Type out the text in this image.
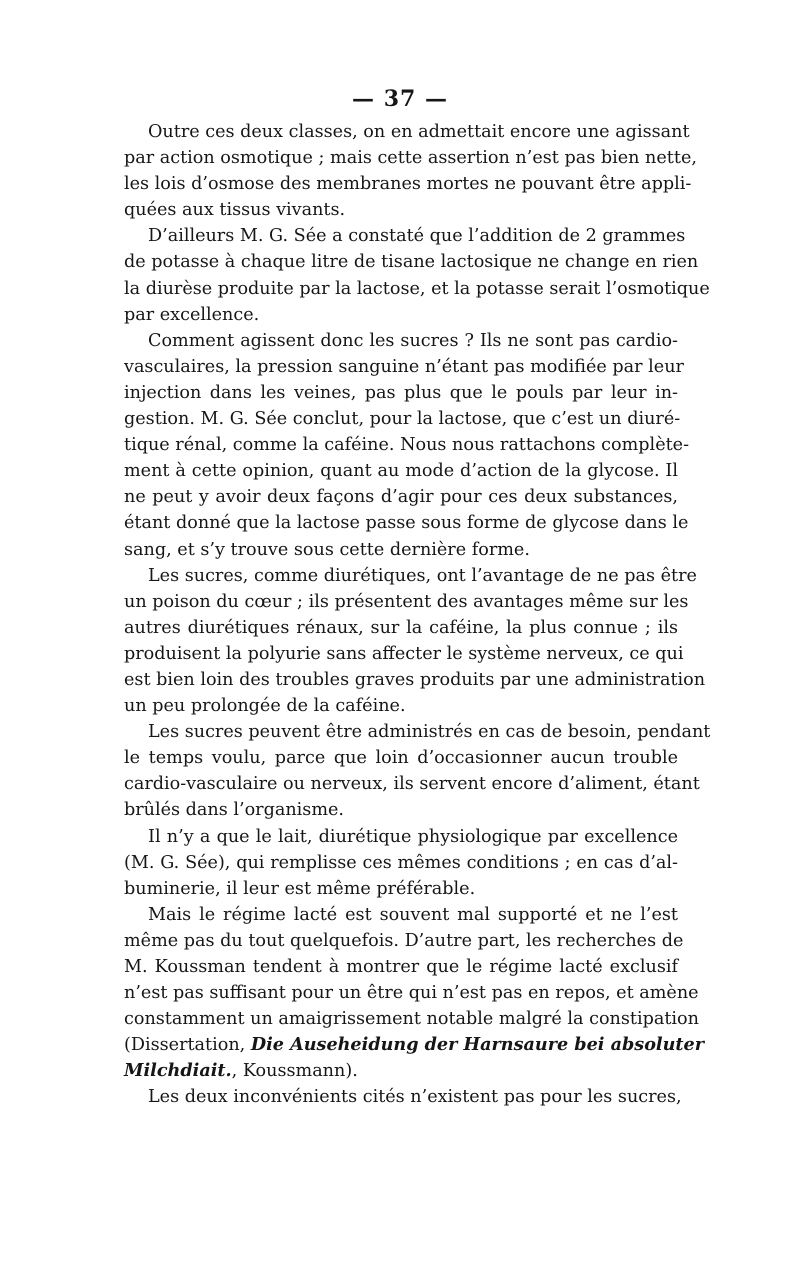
— 37 —
Outre ces deux classes, on en admettait encore une agissant
par action osmotique ; mais cette assertion n’est pas bien nette,
les lois d’osmose des membranes mortes ne pouvant être appli-
quées aux tissus vivants.
D’ailleurs M. G. Sée a constaté que l’addition de 2 grammes
de potasse à chaque litre de tisane lactosique ne change en rien
la diurèse produite par la lactose, et la potasse serait l’osmotique
par excellence.
Comment agissent donc les sucres ? Ils ne sont pas cardio-
vasculaires, la pression sanguine n’étant pas modifiée par leur
injection dans les veines, pas plus que le pouls par leur in-
gestion. M. G. Sée conclut, pour la lactose, que c’est un diuré-
tique rénal, comme la caféine. Nous nous rattachons complète-
ment à cette opinion, quant au mode d’action de la glycose. Il
ne peut y avoir deux façons d’agir pour ces deux substances,
étant donné que la lactose passe sous forme de glycose dans le
sang, et s’y trouve sous cette dernière forme.
Les sucres, comme diurétiques, ont l’avantage de ne pas être
un poison du cœur ; ils présentent des avantages même sur les
autres diurétiques rénaux, sur la caféine, la plus connue ; ils
produisent la polyurie sans affecter le système nerveux, ce qui
est bien loin des troubles graves produits par une administration
un peu prolongée de la caféine.
Les sucres peuvent être administrés en cas de besoin, pendant
le temps voulu, parce que loin d’occasionner aucun trouble
cardio-vasculaire ou nerveux, ils servent encore d’aliment, étant
brûlés dans l’organisme.
Il n’y a que le lait, diurétique physiologique par excellence
(M. G. Sée), qui remplisse ces mêmes conditions ; en cas d’al-
buminerie, il leur est même préférable.
Mais le régime lacté est souvent mal supporté et ne l’est
même pas du tout quelquefois. D’autre part, les recherches de
M. Koussman tendent à montrer que le régime lacté exclusif
n’est pas suffisant pour un être qui n’est pas en repos, et amène
constamment un amaigrissement notable malgré la constipation
(Dissertation, Die Auseheidung der Harnsaure bei absoluter
Milchdiait., Koussmann).
Les deux inconvénients cités n’existent pas pour les sucres,
